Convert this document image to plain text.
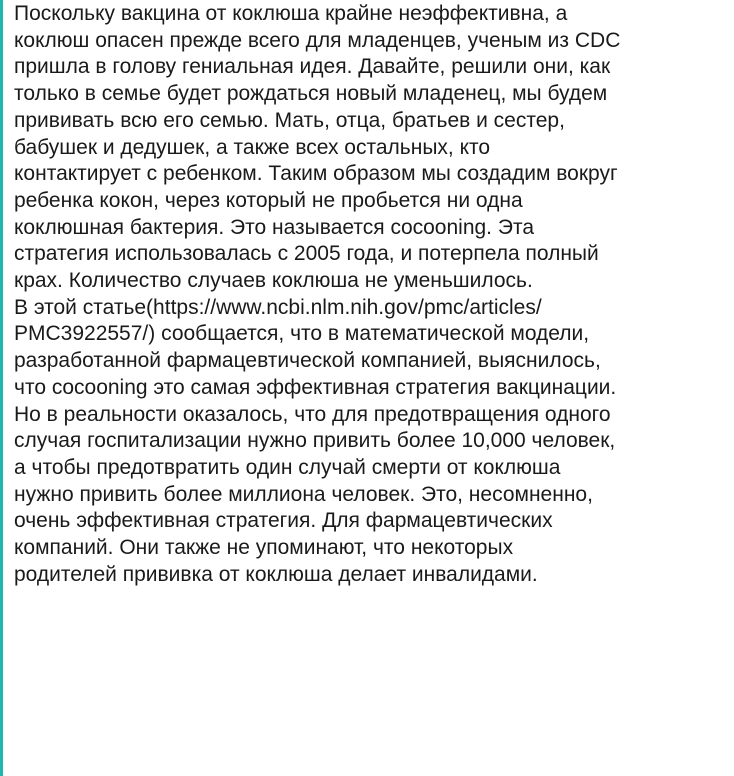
Поскольку вакцина от коклюша крайне неэффективна, а
коклюш опасен прежде всего для младенцев, ученым из CDC
пришла в голову гениальная идея. Давайте, решили они, как
только в семье будет рождаться новый младенец, мы будем
прививать всю его семью. Мать, отца, братьев и сестер,
бабушек и дедушек, а также всех остальных, кто
контактирует с ребенком. Таким образом мы создадим вокруг
ребенка кокон, через который не пробьется ни одна
коклюшная бактерия. Это называется cocooning. Эта
стратегия использовалась с 2005 года, и потерпела полный
крах. Количество случаев коклюша не уменьшилось.
В этой статье(https://www.ncbi.nlm.nih.gov/pmc/articles/
PMC3922557/) сообщается, что в математической модели,
разработанной фармацевтической компанией, выяснилось,
что cocooning это самая эффективная стратегия вакцинации.
Но в реальности оказалось, что для предотвращения одного
случая госпитализации нужно привить более 10,000 человек,
а чтобы предотвратить один случай смерти от коклюша
нужно привить более миллиона человек. Это, несомненно,
очень эффективная стратегия. Для фармацевтических
компаний. Они также не упоминают, что некоторых
родителей прививка от коклюша делает инвалидами.
